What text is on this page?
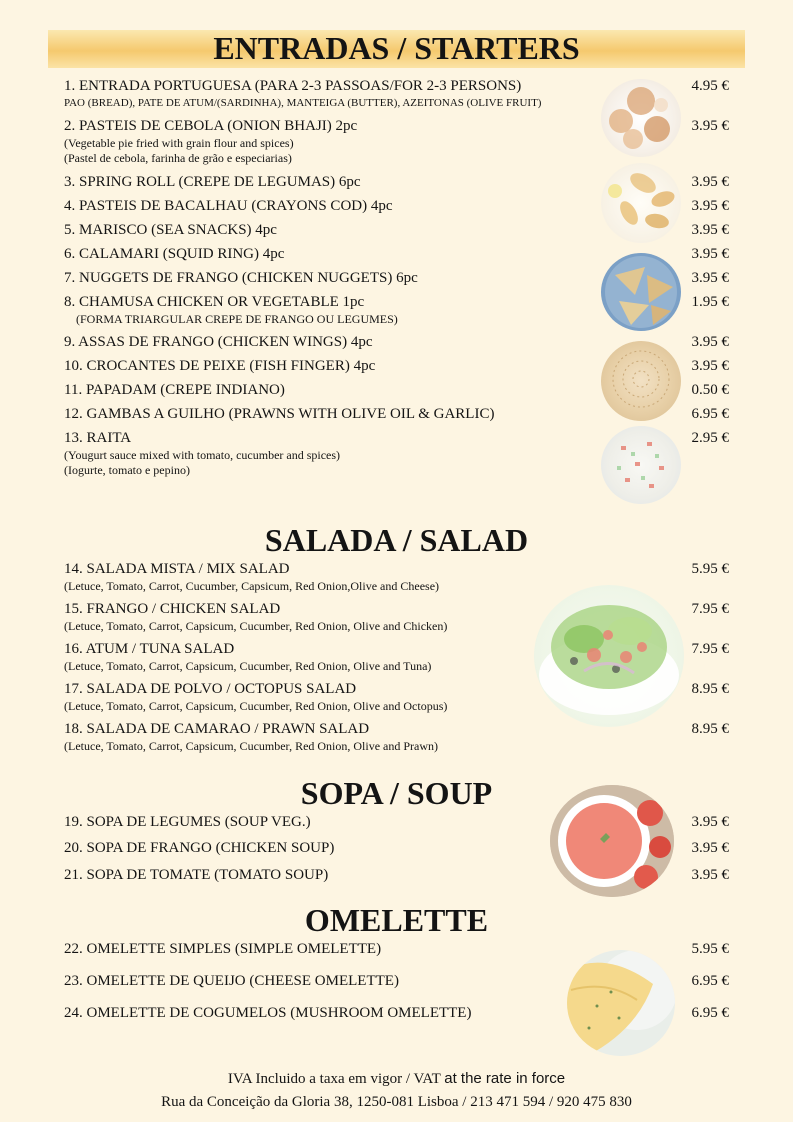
ENTRADAS / STARTERS
1. ENTRADA PORTUGUESA (PARA 2-3 PASSOAS/FOR 2-3 PERSONS)
PAO (BREAD), PATE DE ATUM/(SARDINHA), MANTEIGA (BUTTER), AZEITONAS (OLIVE FRUIT)
4.95 €
2. PASTEIS DE CEBOLA (ONION BHAJI) 2pc
(Vegetable pie fried with grain flour and spices)
(Pastel de cebola, farinha de grão e especiarias)
3.95 €
3. SPRING ROLL (CREPE DE LEGUMAS) 6pc	3.95 €
4. PASTEIS DE BACALHAU (CRAYONS COD) 4pc	3.95 €
5. MARISCO (SEA SNACKS) 4pc	3.95 €
6. CALAMARI (SQUID RING) 4pc	3.95 €
7. NUGGETS DE FRANGO (CHICKEN NUGGETS) 6pc	3.95 €
8. CHAMUSA CHICKEN OR VEGETABLE 1pc
(FORMA TRIARGULAR CREPE DE FRANGO OU LEGUMES)
1.95 €
9. ASSAS DE FRANGO (CHICKEN WINGS) 4pc	3.95 €
10. CROCANTES DE PEIXE (FISH FINGER) 4pc	3.95 €
11. PAPADAM (CREPE INDIANO)	0.50 €
12. GAMBAS A GUILHO (PRAWNS WITH OLIVE OIL & GARLIC)	6.95 €
13. RAITA
(Yougurt sauce mixed with tomato, cucumber and spices)
(Iogurte, tomato e pepino)
2.95 €
SALADA / SALAD
14. SALADA MISTA / MIX SALAD
(Letuce, Tomato, Carrot, Cucumber, Capsicum, Red Onion,Olive and Cheese)
5.95 €
15. FRANGO / CHICKEN SALAD
(Letuce, Tomato, Carrot, Capsicum, Cucumber, Red Onion, Olive and Chicken)
7.95 €
16. ATUM / TUNA SALAD
(Letuce, Tomato, Carrot, Capsicum, Cucumber, Red Onion, Olive and Tuna)
7.95 €
17. SALADA DE POLVO / OCTOPUS SALAD
(Letuce, Tomato, Carrot, Capsicum, Cucumber, Red Onion, Olive and Octopus)
8.95 €
18. SALADA DE CAMARAO / PRAWN SALAD
(Letuce, Tomato, Carrot, Capsicum, Cucumber, Red Onion, Olive and Prawn)
8.95 €
SOPA / SOUP
19. SOPA DE LEGUMES (SOUP VEG.)	3.95 €
20. SOPA DE FRANGO (CHICKEN SOUP)	3.95 €
21. SOPA DE TOMATE (TOMATO SOUP)	3.95 €
OMELETTE
22. OMELETTE SIMPLES (SIMPLE OMELETTE)	5.95 €
23. OMELETTE DE QUEIJO (CHEESE OMELETTE)	6.95 €
24. OMELETTE DE COGUMELOS (MUSHROOM OMELETTE)	6.95 €
IVA Incluido a taxa em vigor / VAT at the rate in force
Rua da Conceição da Gloria 38, 1250-081 Lisboa / 213 471 594 / 920 475 830
